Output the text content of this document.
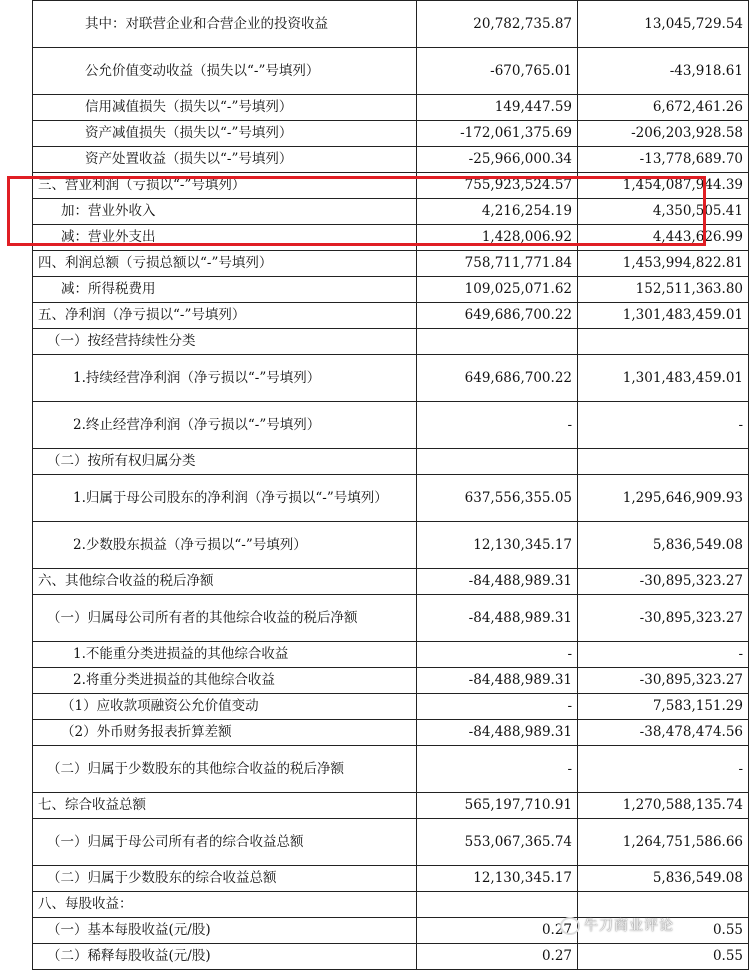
其中：对联营企业和合营企业的投资收益	20,782,735.87	13,045,729.54
公允价值变动收益（损失以“-”号填列）	-670,765.01	-43,918.61
信用减值损失（损失以“-”号填列）	149,447.59	6,672,461.26
资产减值损失（损失以“-”号填列）	-172,061,375.69	-206,203,928.58
资产处置收益（损失以“-”号填列）	-25,966,000.34	-13,778,689.70
三、营业利润（亏损以“-”号填列）	755,923,524.57	1,454,087,944.39
加：营业外收入	4,216,254.19	4,350,505.41
减：营业外支出	1,428,006.92	4,443,626.99
四、利润总额（亏损总额以“-”号填列）	758,711,771.84	1,453,994,822.81
减：所得税费用	109,025,071.62	152,511,363.80
五、净利润（净亏损以“-”号填列）	649,686,700.22	1,301,483,459.01
（一）按经营持续性分类		
1.持续经营净利润（净亏损以“-”号填列）	649,686,700.22	1,301,483,459.01
2.终止经营净利润（净亏损以“-”号填列）	-	-
（二）按所有权归属分类		
1.归属于母公司股东的净利润（净亏损以“-”号填列）	637,556,355.05	1,295,646,909.93
2.少数股东损益（净亏损以“-”号填列）	12,130,345.17	5,836,549.08
六、其他综合收益的税后净额	-84,488,989.31	-30,895,323.27
（一）归属母公司所有者的其他综合收益的税后净额	-84,488,989.31	-30,895,323.27
1.不能重分类进损益的其他综合收益	-	-
2.将重分类进损益的其他综合收益	-84,488,989.31	-30,895,323.27
（1）应收款项融资公允价值变动	-	7,583,151.29
（2）外币财务报表折算差额	-84,488,989.31	-38,478,474.56
（二）归属于少数股东的其他综合收益的税后净额	-	-
七、综合收益总额	565,197,710.91	1,270,588,135.74
（一）归属于母公司所有者的综合收益总额	553,067,365.74	1,264,751,586.66
（二）归属于少数股东的综合收益总额	12,130,345.17	5,836,549.08
八、每股收益：		
（一）基本每股收益(元/股)	0.27	0.55
（二）稀释每股收益(元/股)	0.27	0.55
牛刀商业评论
